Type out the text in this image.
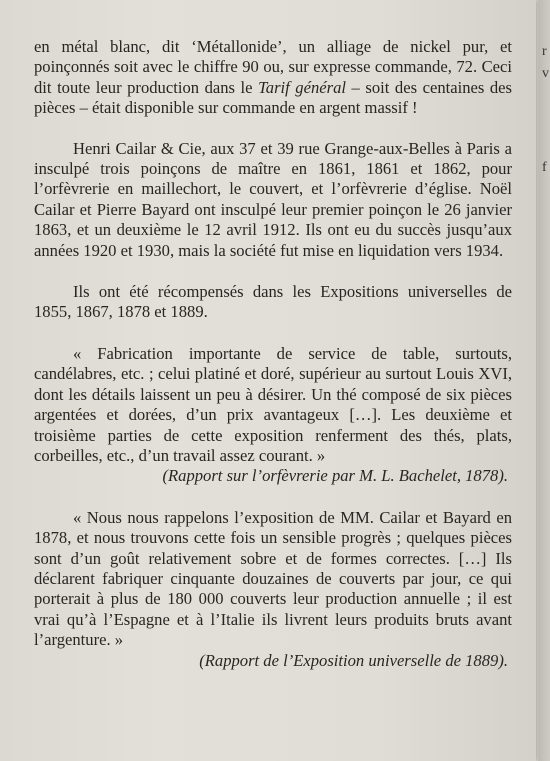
en métal blanc, dit ‘Métallonide’, un alliage de nickel pur, et poinçonnés soit avec le chiffre 90 ou, sur expresse commande, 72. Ceci dit toute leur production dans le Tarif général – soit des centaines des pièces – était disponible sur commande en argent massif !

Henri Cailar & Cie, aux 37 et 39 rue Grange-aux-Belles à Paris a insculpé trois poinçons de maître en 1861, 1861 et 1862, pour l’orfèvrerie en maillechort, le couvert, et l’orfèvrerie d’église. Noël Cailar et Pierre Bayard ont insculpé leur premier poinçon le 26 janvier 1863, et un deuxième le 12 avril 1912. Ils ont eu du succès jusqu’aux années 1920 et 1930, mais la société fut mise en liquidation vers 1934.

Ils ont été récompensés dans les Expositions universelles de 1855, 1867, 1878 et 1889.

« Fabrication importante de service de table, surtouts, candélabres, etc. ; celui platiné et doré, supérieur au surtout Louis XVI, dont les détails laissent un peu à désirer. Un thé composé de six pièces argentées et dorées, d’un prix avantageux […]. Les deuxième et troisième parties de cette exposition renferment des thés, plats, corbeilles, etc., d’un travail assez courant. »

(Rapport sur l’orfèvrerie par M. L. Bachelet, 1878).

« Nous nous rappelons l’exposition de MM. Cailar et Bayard en 1878, et nous trouvons cette fois un sensible progrès ; quelques pièces sont d’un goût relativement sobre et de formes correctes. […] Ils déclarent fabriquer cinquante douzaines de couverts par jour, ce qui porterait à plus de 180 000 couverts leur production annuelle ; il est vrai qu’à l’Espagne et à l’Italie ils livrent leurs produits bruts avant l’argenture. »

(Rapport de l’Exposition universelle de 1889).

r
v
f
